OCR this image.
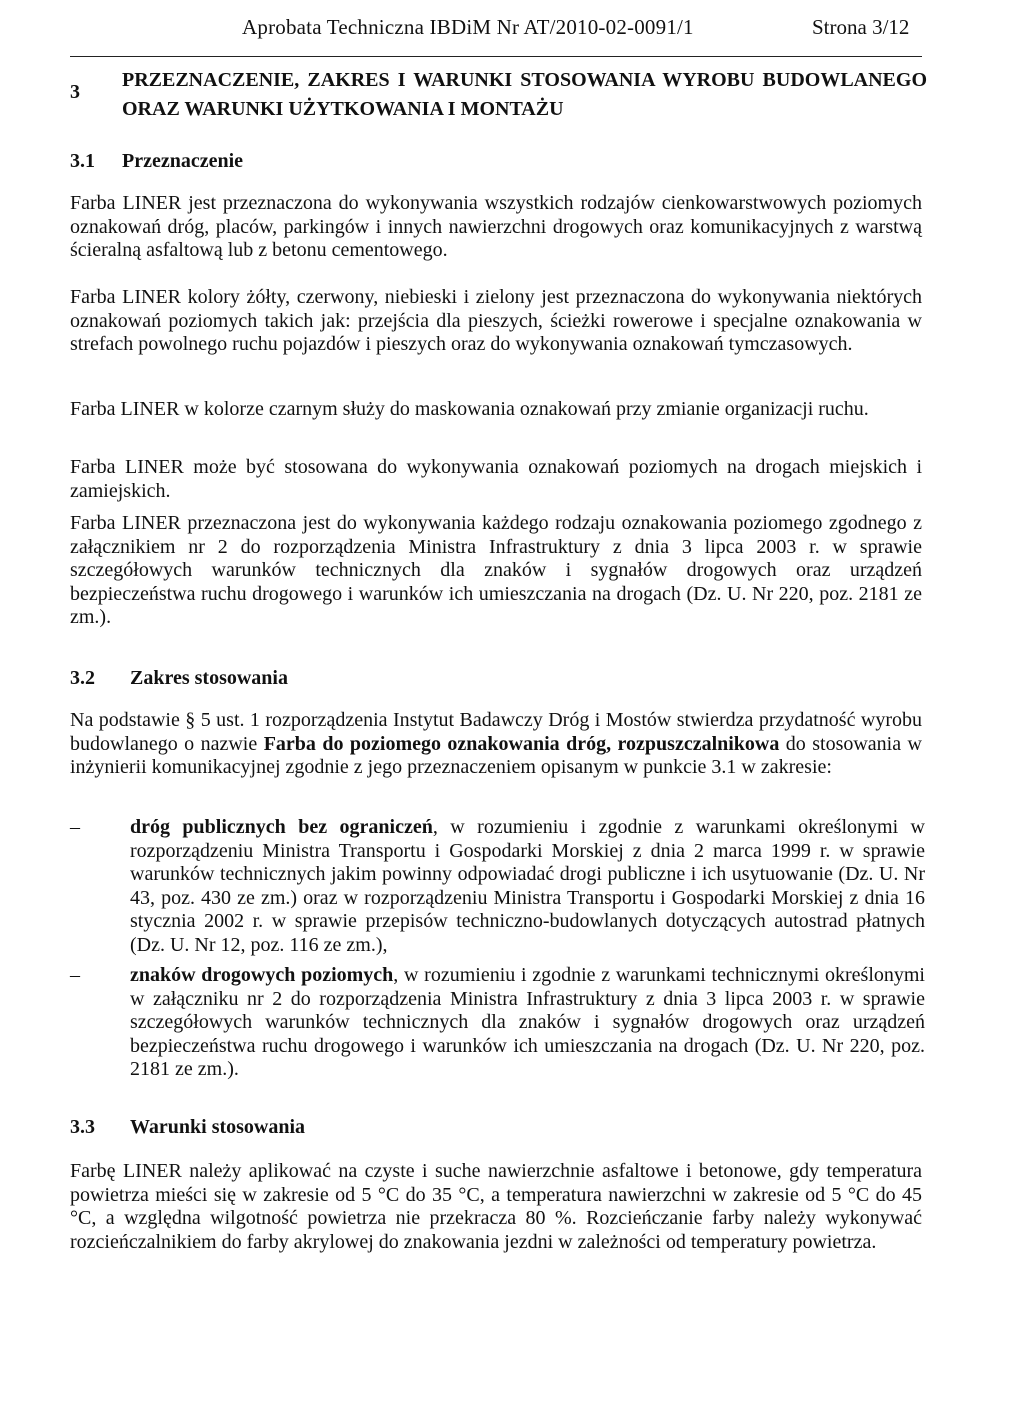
Aprobata Techniczna IBDiM Nr AT/2010-02-0091/1	Strona 3/12
3
PRZEZNACZENIE, ZAKRES I WARUNKI STOSOWANIA WYROBU BUDOWLANEGO ORAZ WARUNKI UŻYTKOWANIA I MONTAŻU
3.1 Przeznaczenie
Farba LINER jest przeznaczona do wykonywania wszystkich rodzajów cienkowarstwowych poziomych oznakowań dróg, placów, parkingów i innych nawierzchni drogowych oraz komunikacyjnych z warstwą ścieralną asfaltową lub z betonu cementowego.
Farba LINER kolory żółty, czerwony, niebieski i zielony jest przeznaczona do wykonywania niektórych oznakowań poziomych takich jak: przejścia dla pieszych, ścieżki rowerowe i specjalne oznakowania w strefach powolnego ruchu pojazdów i pieszych oraz do wykonywania oznakowań tymczasowych.
Farba LINER w kolorze czarnym służy do maskowania oznakowań przy zmianie organizacji ruchu.
Farba LINER może być stosowana do wykonywania oznakowań poziomych na drogach miejskich i zamiejskich.
Farba LINER przeznaczona jest do wykonywania każdego rodzaju oznakowania poziomego zgodnego z załącznikiem nr 2 do rozporządzenia Ministra Infrastruktury z dnia 3 lipca 2003 r. w sprawie szczegółowych warunków technicznych dla znaków i sygnałów drogowych oraz urządzeń bezpieczeństwa ruchu drogowego i warunków ich umieszczania na drogach (Dz. U. Nr 220, poz. 2181 ze zm.).
3.2 Zakres stosowania
Na podstawie § 5 ust. 1 rozporządzenia Instytut Badawczy Dróg i Mostów stwierdza przydatność wyrobu budowlanego o nazwie Farba do poziomego oznakowania dróg, rozpuszczalnikowa do stosowania w inżynierii komunikacyjnej zgodnie z jego przeznaczeniem opisanym w punkcie 3.1 w zakresie:
–	dróg publicznych bez ograniczeń, w rozumieniu i zgodnie z warunkami określonymi w rozporządzeniu Ministra Transportu i Gospodarki Morskiej z dnia 2 marca 1999 r. w sprawie warunków technicznych jakim powinny odpowiadać drogi publiczne i ich usytuowanie (Dz. U. Nr 43, poz. 430 ze zm.) oraz w rozporządzeniu Ministra Transportu i Gospodarki Morskiej z dnia 16 stycznia 2002 r. w sprawie przepisów techniczno-budowlanych dotyczących autostrad płatnych (Dz. U. Nr 12, poz. 116 ze zm.),
–	znaków drogowych poziomych, w rozumieniu i zgodnie z warunkami technicznymi określonymi w załączniku nr 2 do rozporządzenia Ministra Infrastruktury z dnia 3 lipca 2003 r. w sprawie szczegółowych warunków technicznych dla znaków i sygnałów drogowych oraz urządzeń bezpieczeństwa ruchu drogowego i warunków ich umieszczania na drogach (Dz. U. Nr 220, poz. 2181 ze zm.).
3.3 Warunki stosowania
Farbę LINER należy aplikować na czyste i suche nawierzchnie asfaltowe i betonowe, gdy temperatura powietrza mieści się w zakresie od 5 °C do 35 °C, a temperatura nawierzchni w zakresie od 5 °C do 45 °C, a względna wilgotność powietrza nie przekracza 80 %. Rozcieńczanie farby należy wykonywać rozcieńczalnikiem do farby akrylowej do znakowania jezdni w zależności od temperatury powietrza.
